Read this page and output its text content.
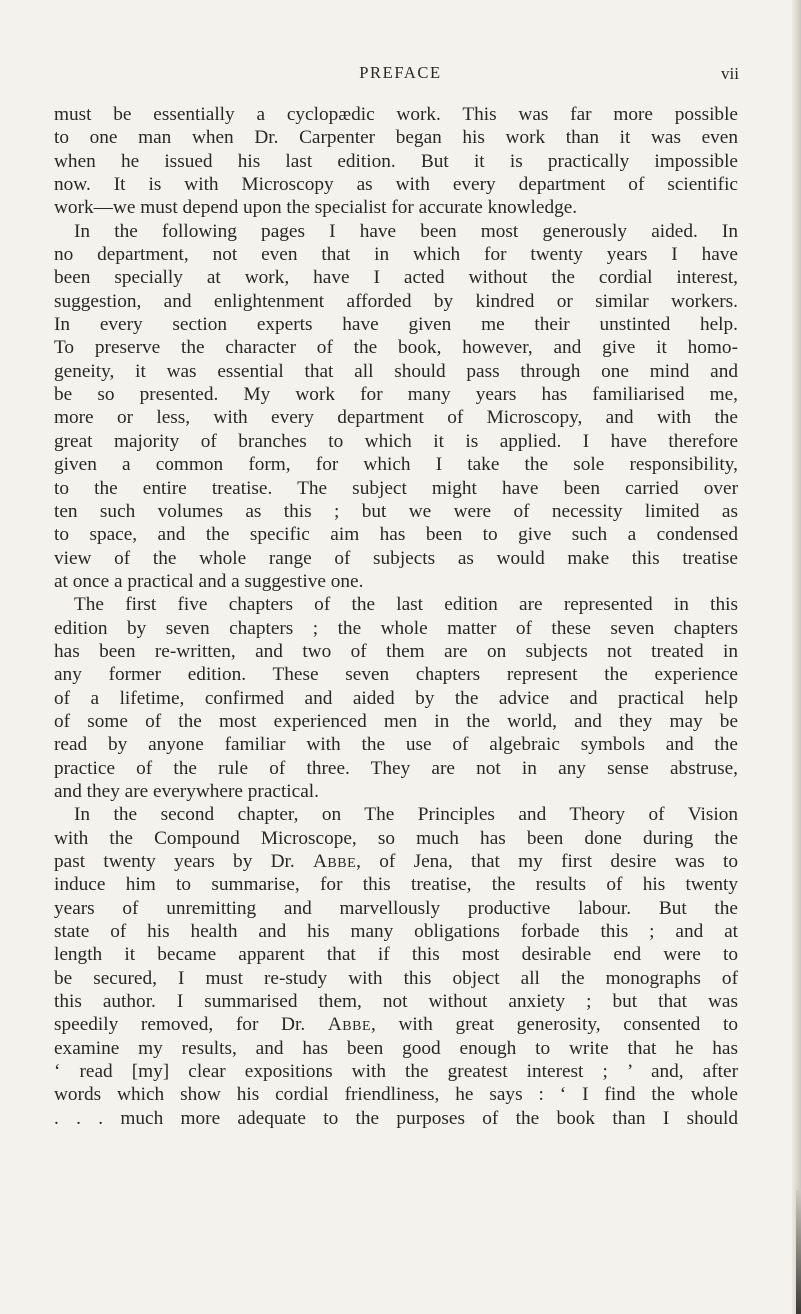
PREFACE	vii

must be essentially a cyclopædic work. This was far more possible

to one man when Dr. Carpenter began his work than it was even

when he issued his last edition. But it is practically impossible

now. It is with Microscopy as with every department of scientific

work—we must depend upon the specialist for accurate knowledge.

In the following pages I have been most generously aided. In

no department, not even that in which for twenty years I have

been specially at work, have I acted without the cordial interest,

suggestion, and enlightenment afforded by kindred or similar workers.

In every section experts have given me their unstinted help.

To preserve the character of the book, however, and give it homo-

geneity, it was essential that all should pass through one mind and

be so presented. My work for many years has familiarised me,

more or less, with every department of Microscopy, and with the

great majority of branches to which it is applied. I have therefore

given a common form, for which I take the sole responsibility,

to the entire treatise. The subject might have been carried over

ten such volumes as this ; but we were of necessity limited as

to space, and the specific aim has been to give such a condensed

view of the whole range of subjects as would make this treatise

at once a practical and a suggestive one.

The first five chapters of the last edition are represented in this

edition by seven chapters ; the whole matter of these seven chapters

has been re-written, and two of them are on subjects not treated in

any former edition. These seven chapters represent the experience

of a lifetime, confirmed and aided by the advice and practical help

of some of the most experienced men in the world, and they may be

read by anyone familiar with the use of algebraic symbols and the

practice of the rule of three. They are not in any sense abstruse,

and they are everywhere practical.

In the second chapter, on The Principles and Theory of Vision

with the Compound Microscope, so much has been done during the

past twenty years by Dr. Abbe, of Jena, that my first desire was to

induce him to summarise, for this treatise, the results of his twenty

years of unremitting and marvellously productive labour. But the

state of his health and his many obligations forbade this ; and at

length it became apparent that if this most desirable end were to

be secured, I must re-study with this object all the monographs of

this author. I summarised them, not without anxiety ; but that was

speedily removed, for Dr. Abbe, with great generosity, consented to

examine my results, and has been good enough to write that he has

‘ read [my] clear expositions with the greatest interest ; ’ and, after

words which show his cordial friendliness, he says : ‘ I find the whole

. . . much more adequate to the purposes of the book than I should
